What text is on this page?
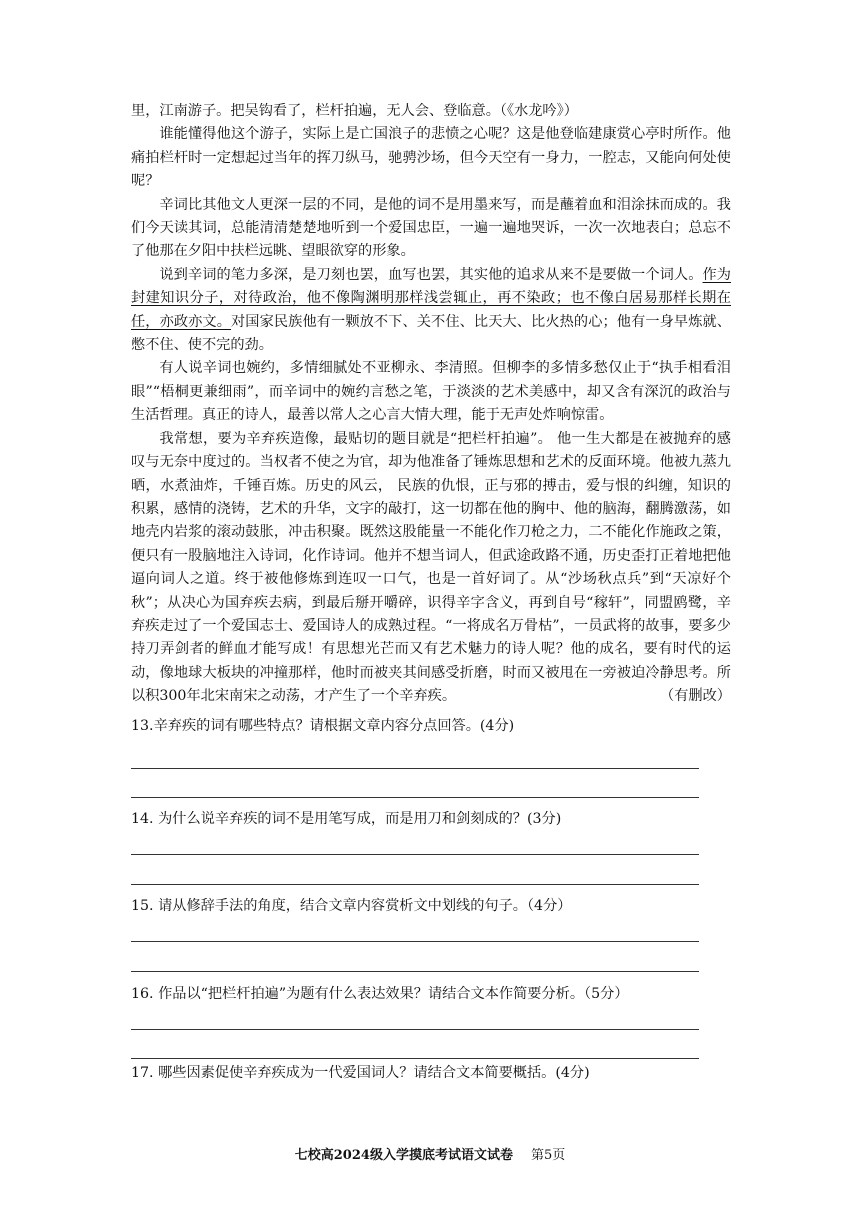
里，江南游子。把吴钩看了，栏杆拍遍，无人会、登临意。（《水龙吟》）

谁能懂得他这个游子，实际上是亡国浪子的悲愤之心呢？这是他登临建康赏心亭时所作。他痛拍栏杆时一定想起过当年的挥刀纵马，驰骋沙场，但今天空有一身力，一腔志，又能向何处使呢？

辛词比其他文人更深一层的不同，是他的词不是用墨来写，而是蘸着血和泪涂抹而成的。我们今天读其词，总能清清楚楚地听到一个爱国忠臣，一遍一遍地哭诉，一次一次地表白；总忘不了他那在夕阳中扶栏远眺、望眼欲穿的形象。

说到辛词的笔力多深，是刀刻也罢，血写也罢，其实他的追求从来不是要做一个词人。作为封建知识分子，对待政治，他不像陶渊明那样浅尝辄止，再不染政；也不像白居易那样长期在任，亦政亦文。对国家民族他有一颗放不下、关不住、比天大、比火热的心；他有一身早炼就、憋不住、使不完的劲。

有人说辛词也婉约，多情细腻处不亚柳永、李清照。但柳李的多情多愁仅止于“执手相看泪眼”“梧桐更兼细雨”，而辛词中的婉约言愁之笔，于淡淡的艺术美感中，却又含有深沉的政治与生活哲理。真正的诗人，最善以常人之心言大情大理，能于无声处炸响惊雷。

我常想，要为辛弃疾造像，最贴切的题目就是“把栏杆拍遍”。 他一生大都是在被抛弃的感叹与无奈中度过的。当权者不使之为官，却为他准备了锤炼思想和艺术的反面环境。他被九蒸九晒，水煮油炸，千锤百炼。历史的风云， 民族的仇恨，正与邪的搏击，爱与恨的纠缠，知识的积累，感情的浇铸，艺术的升华，文字的敲打，这一切都在他的胸中、他的脑海，翻腾激荡，如地壳内岩浆的滚动鼓胀，冲击积聚。既然这股能量一不能化作刀枪之力，二不能化作施政之策，便只有一股脑地注入诗词，化作诗词。他并不想当词人，但武途政路不通，历史歪打正着地把他逼向词人之道。终于被他修炼到连叹一口气，也是一首好词了。从“沙场秋点兵”到“天凉好个秋”；从决心为国弃疾去病，到最后掰开嚼碎，识得辛字含义，再到自号“稼轩”，同盟鸥鹭，辛弃疾走过了一个爱国志士、爱国诗人的成熟过程。“一将成名万骨枯”，一员武将的故事，要多少持刀弄剑者的鲜血才能写成！有思想光芒而又有艺术魅力的诗人呢？他的成名，要有时代的运动，像地球大板块的冲撞那样，他时而被夹其间感受折磨，时而又被甩在一旁被迫冷静思考。所以积300年北宋南宋之动荡，才产生了一个辛弃疾。	（有删改）

13.辛弃疾的词有哪些特点？请根据文章内容分点回答。(4分)
14. 为什么说辛弃疾的词不是用笔写成，而是用刀和剑刻成的？(3分)
15. 请从修辞手法的角度，结合文章内容赏析文中划线的句子。（4分）
16. 作品以“把栏杆拍遍”为题有什么表达效果？请结合文本作简要分析。（5分）
17. 哪些因素促使辛弃疾成为一代爱国词人？请结合文本简要概括。(4分)
七校高2024级入学摸底考试语文试卷 第5页
